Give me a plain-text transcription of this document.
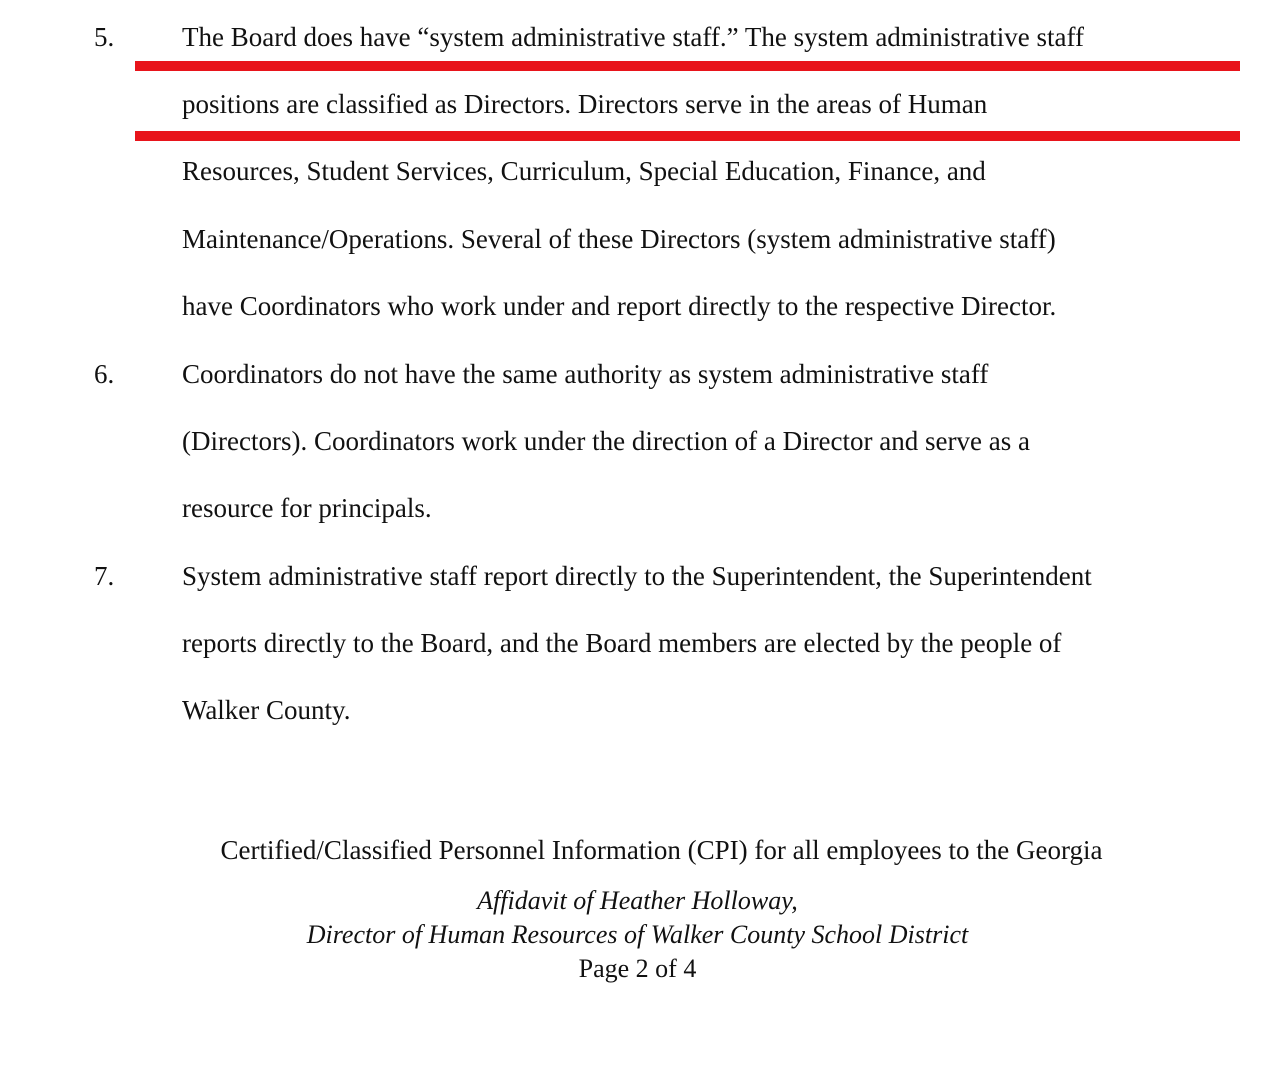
5.	The Board does have “system administrative staff.” The system administrative staff
positions are classified as Directors. Directors serve in the areas of Human
Resources, Student Services, Curriculum, Special Education, Finance, and
Maintenance/Operations. Several of these Directors (system administrative staff)
have Coordinators who work under and report directly to the respective Director.
6.	Coordinators do not have the same authority as system administrative staff
(Directors). Coordinators work under the direction of a Director and serve as a
resource for principals.
7.	System administrative staff report directly to the Superintendent, the Superintendent
reports directly to the Board, and the Board members are elected by the people of
Walker County.
Certified/Classified Personnel Information (CPI) for all employees to the Georgia
Affidavit of Heather Holloway,
Director of Human Resources of Walker County School District
Page 2 of 4
